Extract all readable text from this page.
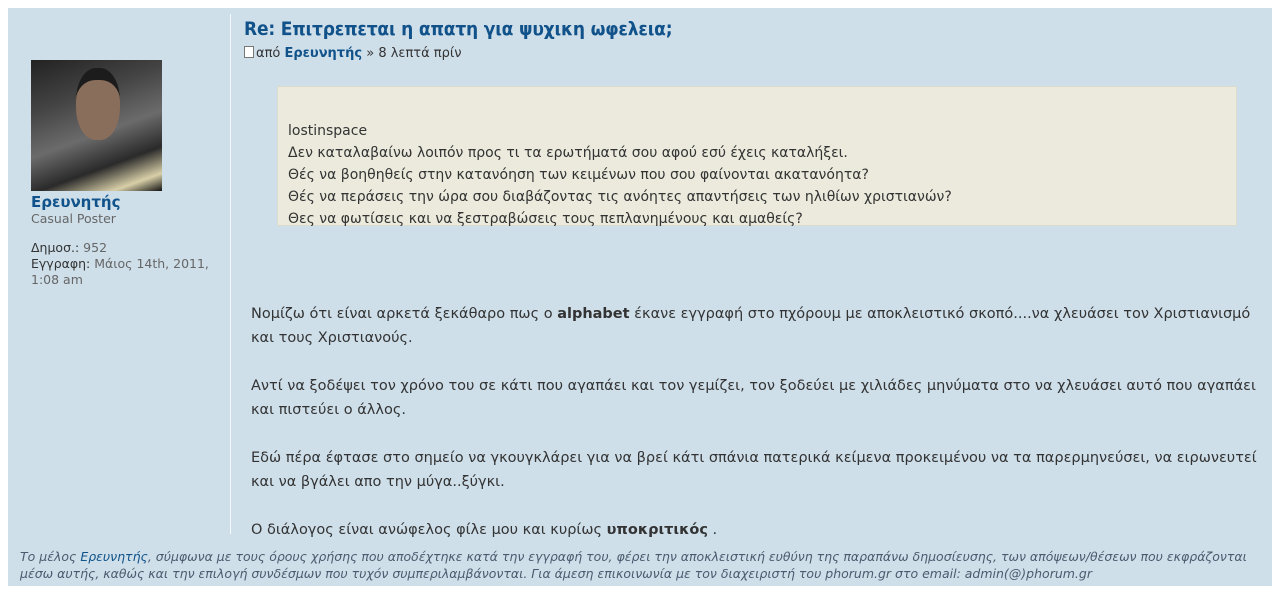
Ερευνητής
Casual Poster
Δημοσ.: 952
Εγγραφη: Μάιος 14th, 2011, 1:08 am
Re: Επιτρεπεται η απατη για ψυχικη ωφελεια;
από Ερευνητής » 8 λεπτά πρίν
lostinspace
Δεν καταλαβαίνω λοιπόν προς τι τα ερωτήματά σου αφού εσύ έχεις καταλήξει.
Θές να βοηθηθείς στην κατανόηση των κειμένων που σου φαίνονται ακατανόητα?
Θές να περάσεις την ώρα σου διαβάζοντας τις ανόητες απαντήσεις των ηλιθίων χριστιανών?
Θες να φωτίσεις και να ξεστραβώσεις τους πεπλανημένους και αμαθείς?

Νομίζω ότι είναι αρκετά ξεκάθαρο πως ο alphabet έκανε εγγραφή στο πχόρουμ με αποκλειστικό σκοπό....να χλευάσει τον Χριστιανισμό και τους Χριστιανούς.

Αντί να ξοδέψει τον χρόνο του σε κάτι που αγαπάει και τον γεμίζει, τον ξοδεύει με χιλιάδες μηνύματα στο να χλευάσει αυτό που αγαπάει και πιστεύει ο άλλος.

Εδώ πέρα έφτασε στο σημείο να γκουγκλάρει για να βρεί κάτι σπάνια πατερικά κείμενα προκειμένου να τα παρερμηνεύσει, να ειρωνευτεί και να βγάλει απο την μύγα..ξύγκι.

Ο διάλογος είναι ανώφελος φίλε μου και κυρίως υποκριτικός .

Το μέλος Ερευνητής, σύμφωνα με τους όρους χρήσης που αποδέχτηκε κατά την εγγραφή του, φέρει την αποκλειστική ευθύνη της παραπάνω δημοσίευσης, των απόψεων/θέσεων που εκφράζονται μέσω αυτής, καθώς και την επιλογή συνδέσμων που τυχόν συμπεριλαμβάνονται. Για άμεση επικοινωνία με τον διαχειριστή του phorum.gr στο email: admin(@)phorum.gr
